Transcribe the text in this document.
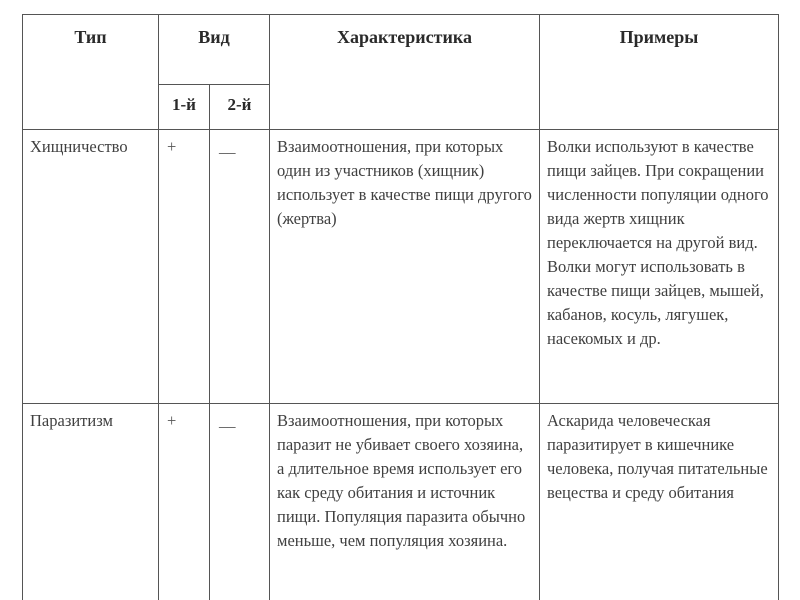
Тип	Вид		Характеристика	Примеры

	1-й	2-й		

Хищничество	+	__	Взаимоотношения, при которых один из участников (хищник) использует в качестве пищи другого (жертва)	Волки используют в качестве пищи зайцев. При сокращении численности популяции одного вида жертв хищник переключается на другой вид. Волки могут использовать в качестве пищи зайцев, мышей, кабанов, косуль, лягушек, насекомых и др.

Паразитизм	+	__	Взаимоотношения, при которых паразит не убивает своего хозяина, а длительное время использует его как среду обитания и источник пищи. Популяция паразита обычно меньше, чем популяция хозяина.	Аскарида человеческая паразитирует в кишечнике человека, получая питательные вецества и среду обитания
